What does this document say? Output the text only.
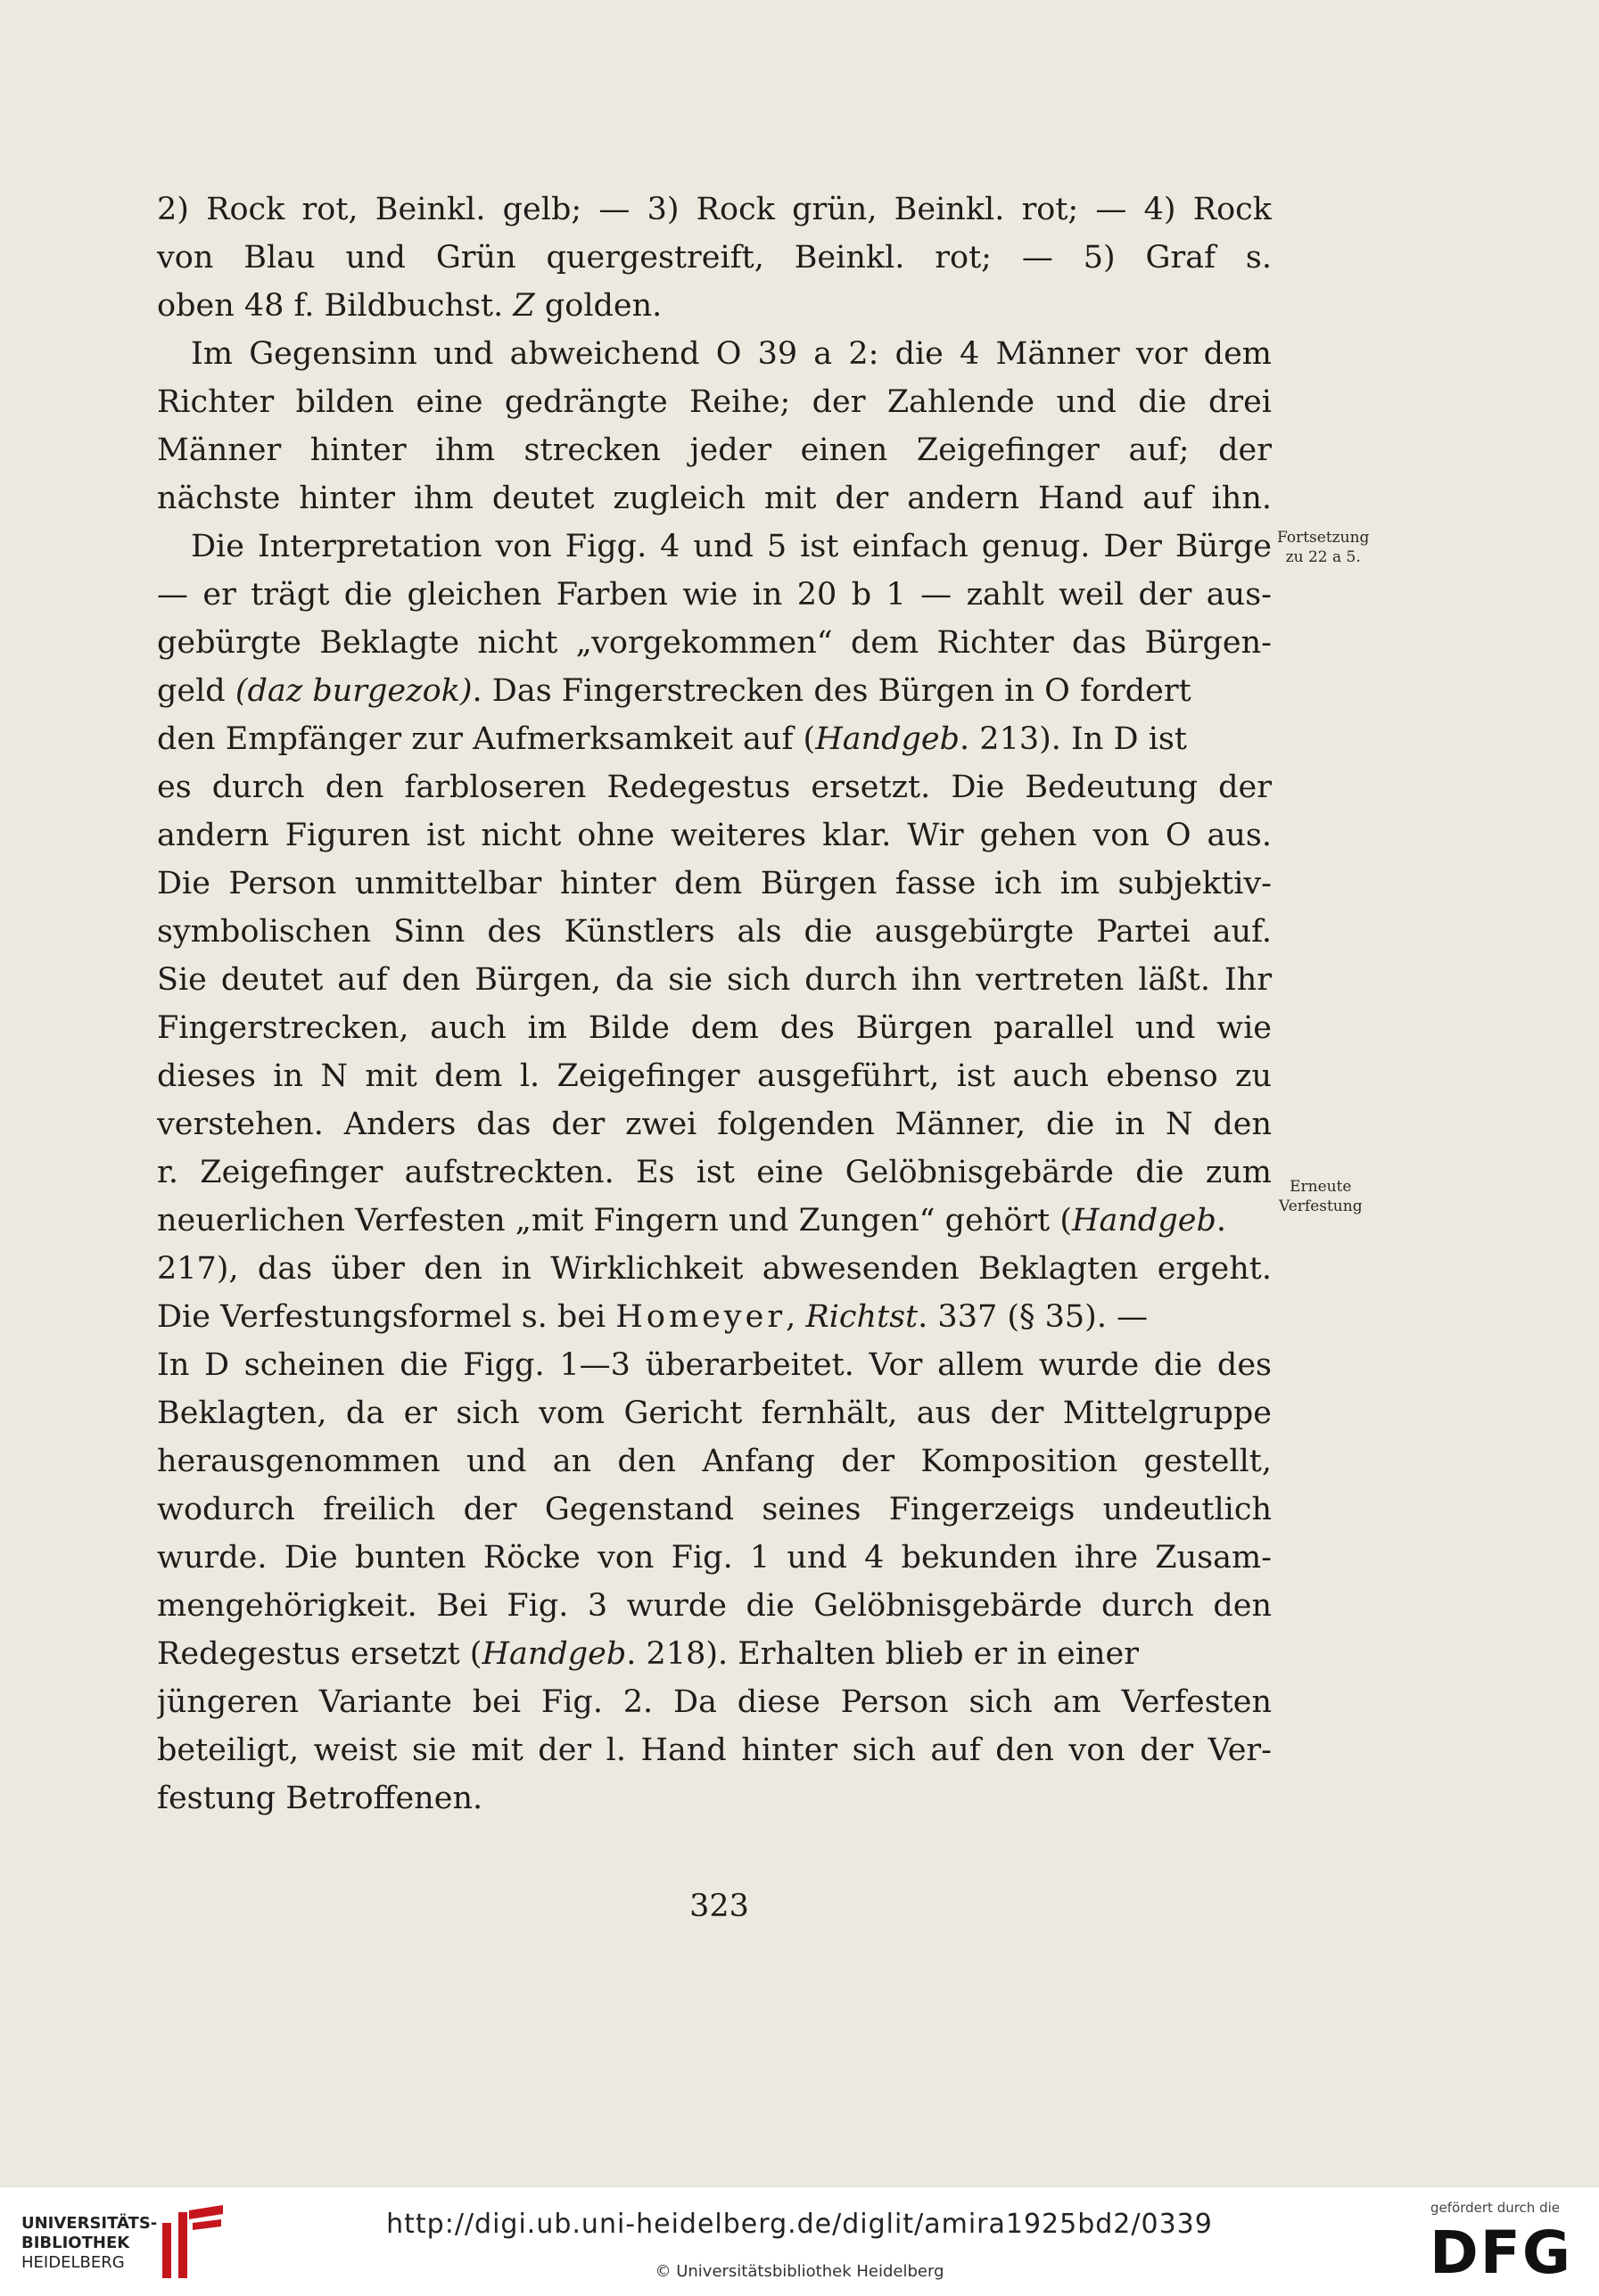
2) Rock rot, Beinkl. gelb; — 3) Rock grün, Beinkl. rot; — 4) Rock
von Blau und Grün quergestreift, Beinkl. rot; — 5) Graf s.
oben 48 f. Bildbuchst. Z golden.
Im Gegensinn und abweichend O 39 a 2: die 4 Männer vor dem
Richter bilden eine gedrängte Reihe; der Zahlende und die drei
Männer hinter ihm strecken jeder einen Zeigefinger auf; der
nächste hinter ihm deutet zugleich mit der andern Hand auf ihn.
Die Interpretation von Figg. 4 und 5 ist einfach genug. Der Bürge
— er trägt die gleichen Farben wie in 20 b 1 — zahlt weil der aus-
gebürgte Beklagte nicht „vorgekommen“ dem Richter das Bürgen-
geld (daz burgezok). Das Fingerstrecken des Bürgen in O fordert
den Empfänger zur Aufmerksamkeit auf (Handgeb. 213). In D ist
es durch den farbloseren Redegestus ersetzt. Die Bedeutung der
andern Figuren ist nicht ohne weiteres klar. Wir gehen von O aus.
Die Person unmittelbar hinter dem Bürgen fasse ich im subjektiv-
symbolischen Sinn des Künstlers als die ausgebürgte Partei auf.
Sie deutet auf den Bürgen, da sie sich durch ihn vertreten läßt. Ihr
Fingerstrecken, auch im Bilde dem des Bürgen parallel und wie
dieses in N mit dem l. Zeigefinger ausgeführt, ist auch ebenso zu
verstehen. Anders das der zwei folgenden Männer, die in N den
r. Zeigefinger aufstreckten. Es ist eine Gelöbnisgebärde die zum
neuerlichen Verfesten „mit Fingern und Zungen“ gehört (Handgeb.
217), das über den in Wirklichkeit abwesenden Beklagten ergeht.
Die Verfestungsformel s. bei Homeyer, Richtst. 337 (§ 35). —
In D scheinen die Figg. 1—3 überarbeitet. Vor allem wurde die des
Beklagten, da er sich vom Gericht fernhält, aus der Mittelgruppe
herausgenommen und an den Anfang der Komposition gestellt,
wodurch freilich der Gegenstand seines Fingerzeigs undeutlich
wurde. Die bunten Röcke von Fig. 1 und 4 bekunden ihre Zusam-
mengehörigkeit. Bei Fig. 3 wurde die Gelöbnisgebärde durch den
Redegestus ersetzt (Handgeb. 218). Erhalten blieb er in einer
jüngeren Variante bei Fig. 2. Da diese Person sich am Verfesten
beteiligt, weist sie mit der l. Hand hinter sich auf den von der Ver-
festung Betroffenen.
Fortsetzung
zu 22 a 5.
Erneute
Verfestung
323
UNIVERSITÄTS-
BIBLIOTHEK
HEIDELBERG
http://digi.ub.uni-heidelberg.de/diglit/amira1925bd2/0339
© Universitätsbibliothek Heidelberg
gefördert durch die
DFG
